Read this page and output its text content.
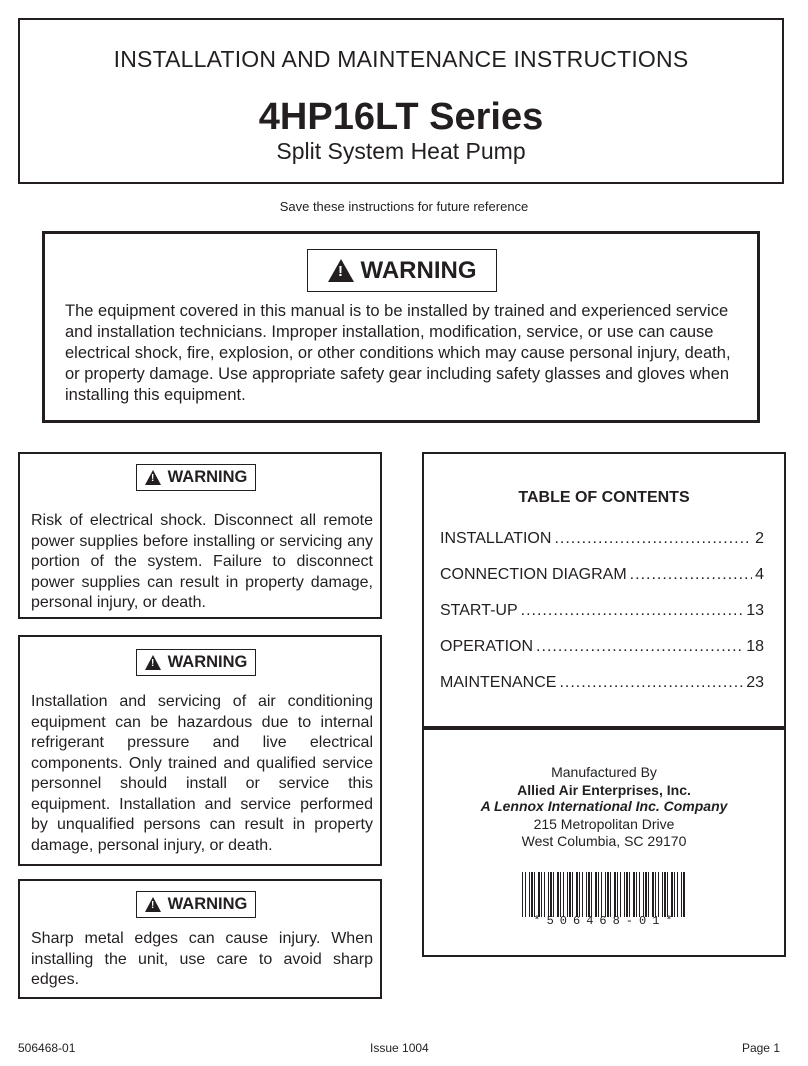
INSTALLATION AND MAINTENANCE INSTRUCTIONS
4HP16LT Series
Split System Heat Pump
Save these instructions for future reference
! WARNING
The equipment covered in this manual is to be installed by trained and experienced service and installation technicians. Improper installation, modification, service, or use can cause electrical shock, fire, explosion, or other conditions which may cause personal injury, death, or property damage. Use appropriate safety gear including safety glasses and gloves when installing this equipment.
! WARNING
Risk of electrical shock. Disconnect all remote power supplies before installing or servicing any portion of the system. Failure to disconnect power supplies can result in property damage, personal injury, or death.
! WARNING
Installation and servicing of air conditioning equipment can be hazardous due to internal refrigerant pressure and live electrical components. Only trained and qualified service personnel should install or service this equipment. Installation and service performed by unqualified persons can result in property damage, personal injury, or death.
! WARNING
Sharp metal edges can cause injury. When installing the unit, use care to avoid sharp edges.
TABLE OF CONTENTS
INSTALLATION .....	2
CONNECTION DIAGRAM .....	4
START-UP .....	13
OPERATION .....	18
MAINTENANCE .....	23
Manufactured By
Allied Air Enterprises, Inc.
A Lennox International Inc. Company
215 Metropolitan Drive
West Columbia, SC 29170
*506468-01*
506468-01	Issue 1004	Page 1
